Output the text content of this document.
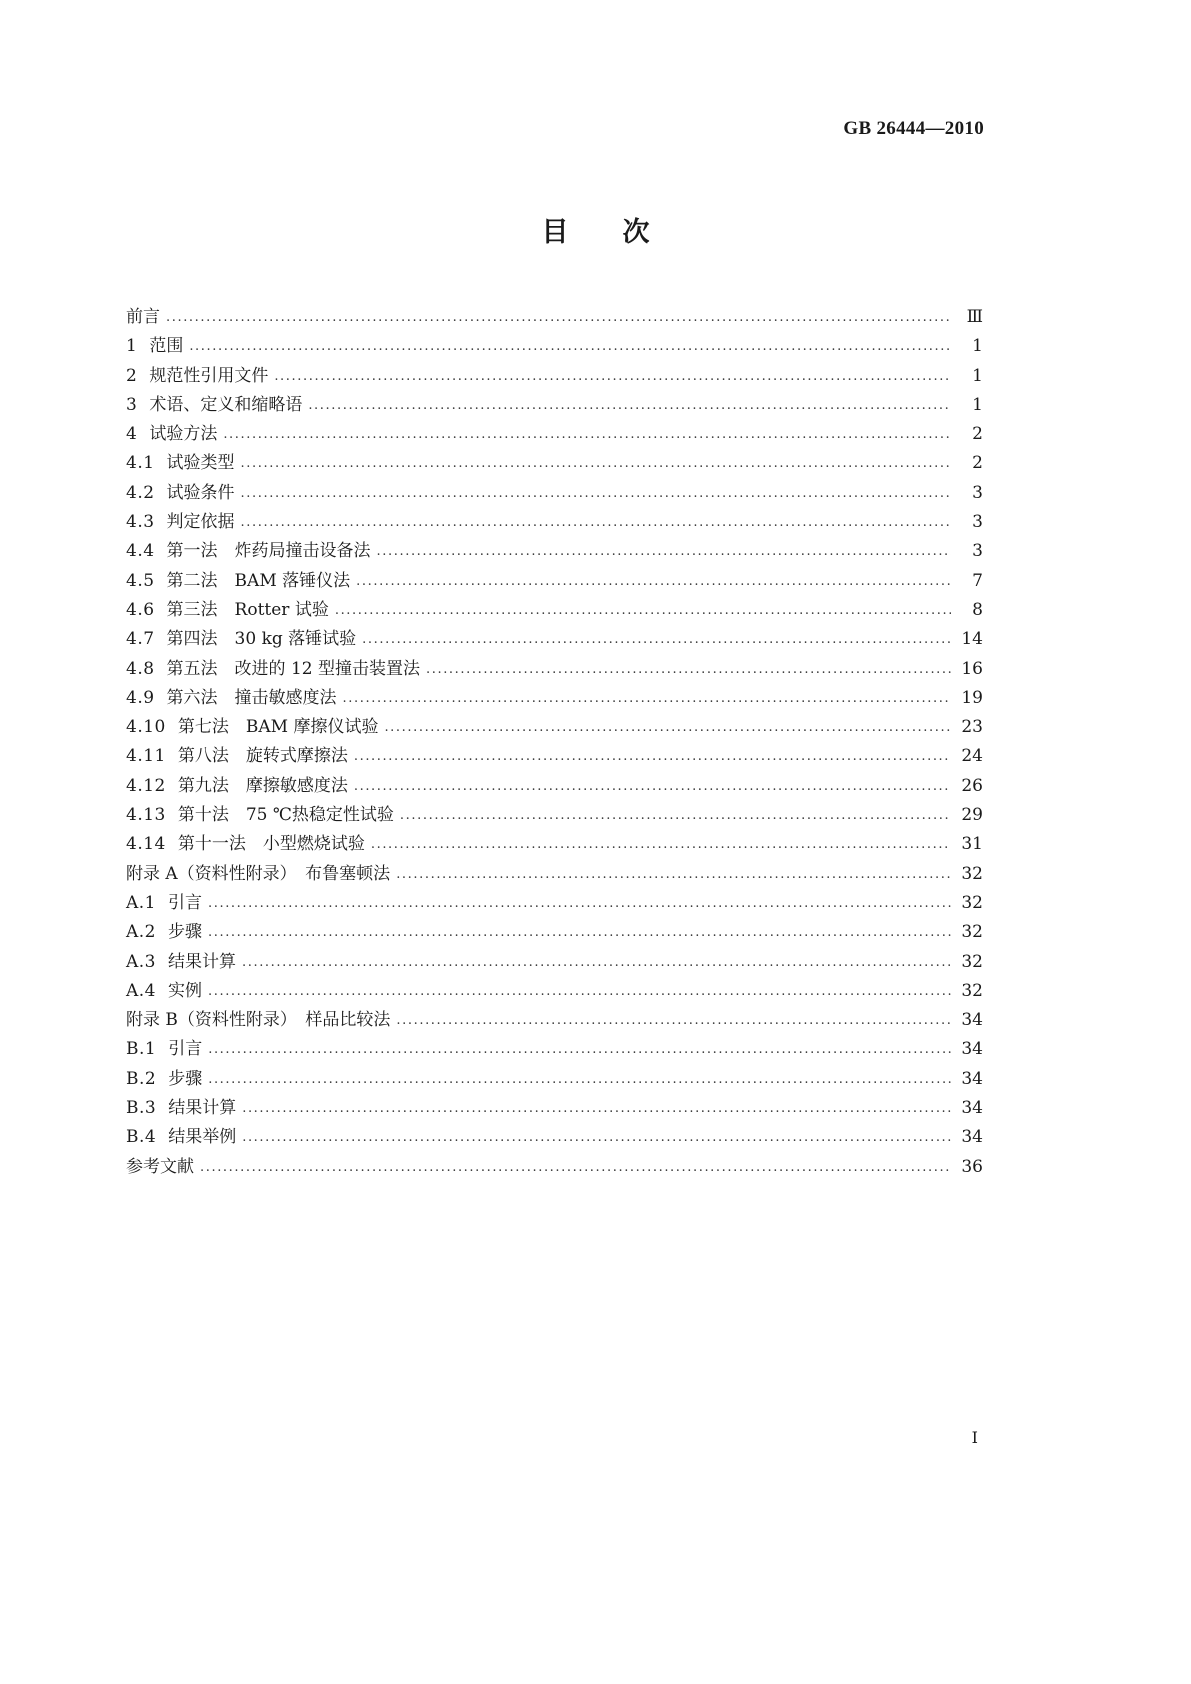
GB 26444—2010
目　　次
前言 .....	Ⅲ
1 范围 .....	1
2 规范性引用文件 .....	1
3 术语、定义和缩略语 .....	1
4 试验方法 .....	2
4.1 试验类型 .....	2
4.2 试验条件 .....	3
4.3 判定依据 .....	3
4.4 第一法　炸药局撞击设备法 .....	3
4.5 第二法　BAM 落锤仪法 .....	7
4.6 第三法　Rotter 试验 .....	8
4.7 第四法　30 kg 落锤试验 .....	14
4.8 第五法　改进的 12 型撞击装置法 .....	16
4.9 第六法　撞击敏感度法 .....	19
4.10 第七法　BAM 摩擦仪试验 .....	23
4.11 第八法　旋转式摩擦法 .....	24
4.12 第九法　摩擦敏感度法 .....	26
4.13 第十法　75 ℃热稳定性试验 .....	29
4.14 第十一法　小型燃烧试验 .....	31
附录 A（资料性附录）　布鲁塞顿法 .....	32
A.1 引言 .....	32
A.2 步骤 .....	32
A.3 结果计算 .....	32
A.4 实例 .....	32
附录 B（资料性附录）　样品比较法 .....	34
B.1 引言 .....	34
B.2 步骤 .....	34
B.3 结果计算 .....	34
B.4 结果举例 .....	34
参考文献 .....	36
I
